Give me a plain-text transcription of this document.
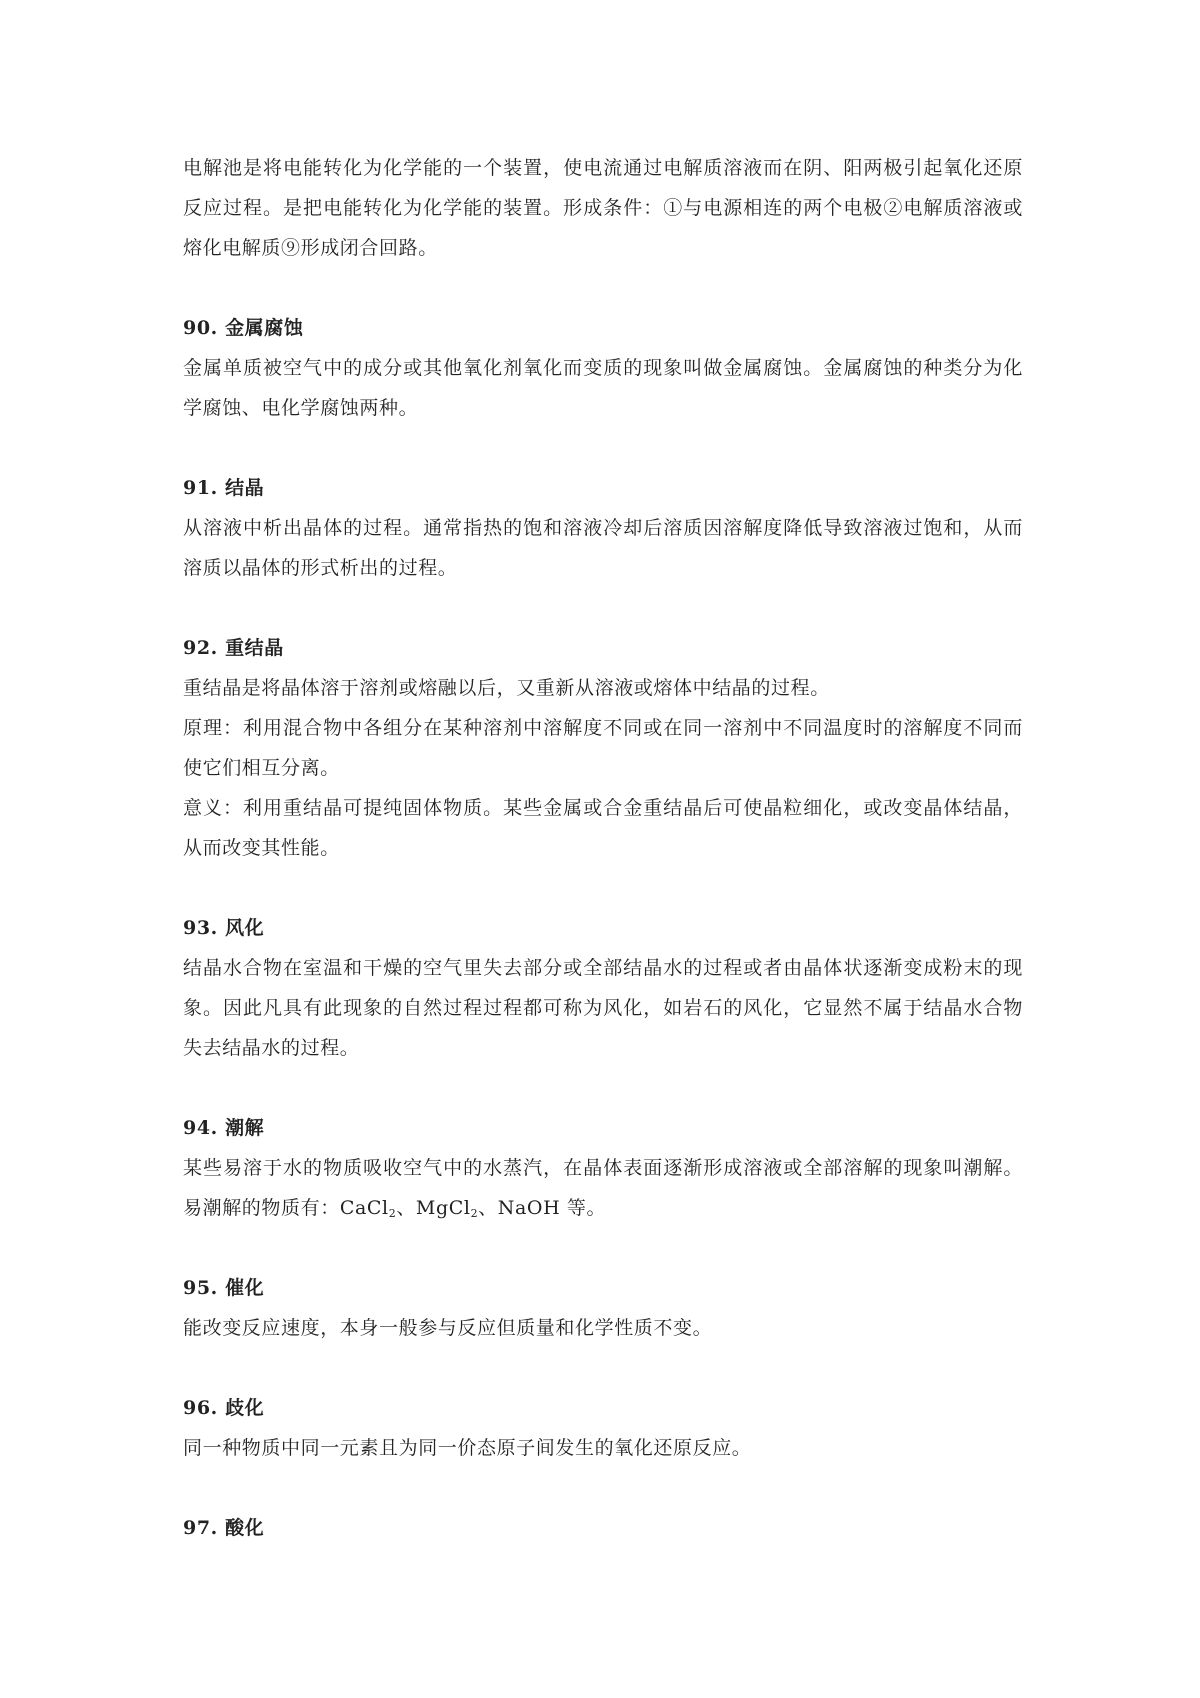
电解池是将电能转化为化学能的一个装置，使电流通过电解质溶液而在阴、阳两极引起氧化还原反应过程。是把电能转化为化学能的装置。形成条件：①与电源相连的两个电极②电解质溶液或熔化电解质⑨形成闭合回路。

90. 金属腐蚀

金属单质被空气中的成分或其他氧化剂氧化而变质的现象叫做金属腐蚀。金属腐蚀的种类分为化学腐蚀、电化学腐蚀两种。

91. 结晶

从溶液中析出晶体的过程。通常指热的饱和溶液冷却后溶质因溶解度降低导致溶液过饱和，从而溶质以晶体的形式析出的过程。

92. 重结晶

重结晶是将晶体溶于溶剂或熔融以后，又重新从溶液或熔体中结晶的过程。

原理：利用混合物中各组分在某种溶剂中溶解度不同或在同一溶剂中不同温度时的溶解度不同而使它们相互分离。

意义：利用重结晶可提纯固体物质。某些金属或合金重结晶后可使晶粒细化，或改变晶体结晶，从而改变其性能。

93. 风化

结晶水合物在室温和干燥的空气里失去部分或全部结晶水的过程或者由晶体状逐渐变成粉末的现象。因此凡具有此现象的自然过程过程都可称为风化，如岩石的风化，它显然不属于结晶水合物失去结晶水的过程。

94. 潮解

某些易溶于水的物质吸收空气中的水蒸汽，在晶体表面逐渐形成溶液或全部溶解的现象叫潮解。易潮解的物质有：CaCl$_2$、MgCl$_2$、NaOH 等。

95. 催化

能改变反应速度，本身一般参与反应但质量和化学性质不变。

96. 歧化

同一种物质中同一元素且为同一价态原子间发生的氧化还原反应。

97. 酸化
